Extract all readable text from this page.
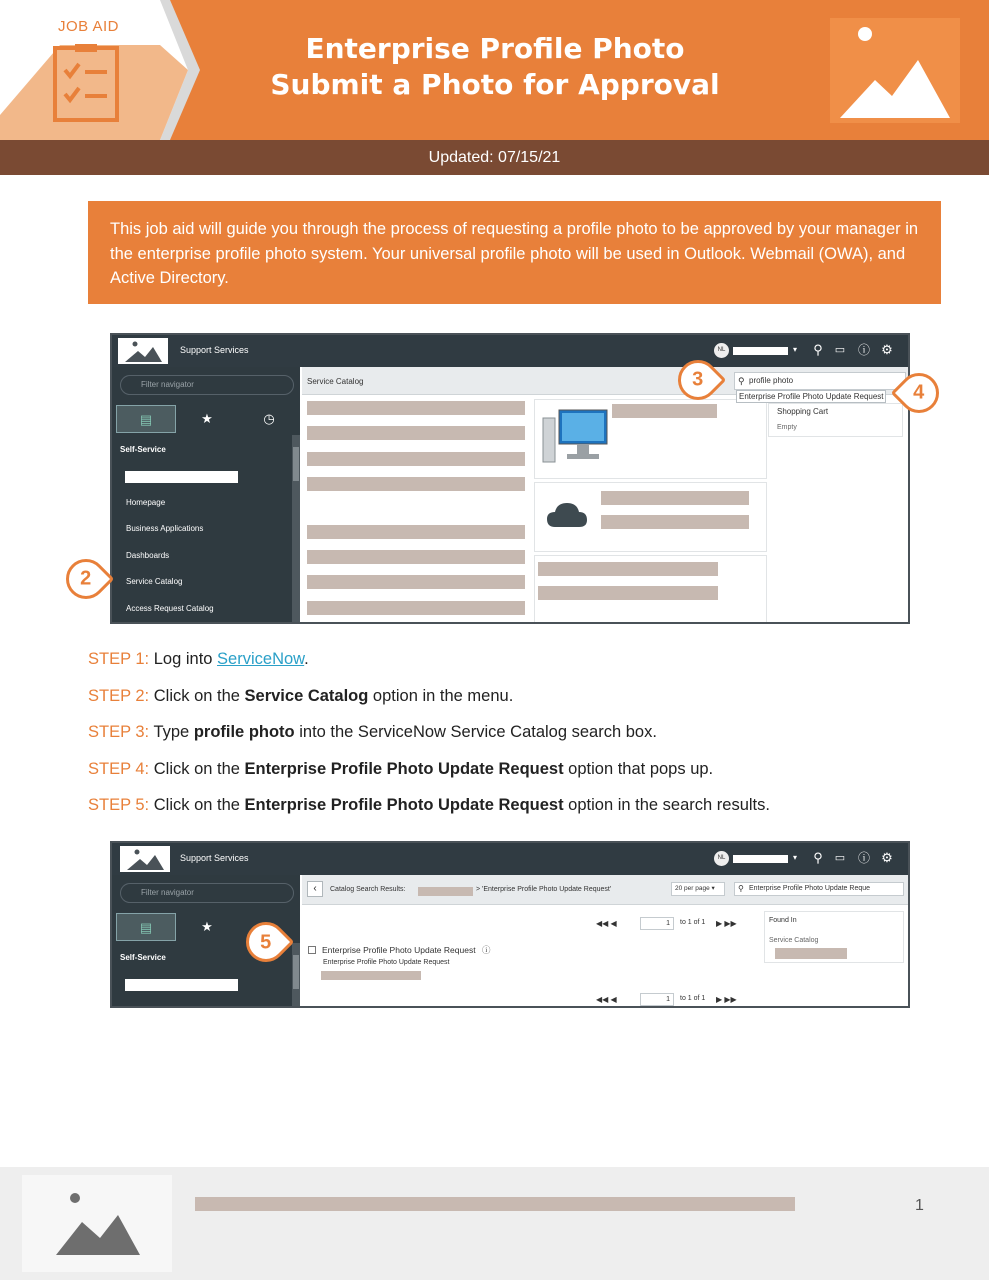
JOB AID
Enterprise Profile Photo
Submit a Photo for Approval
Updated: 07/15/21
This job aid will guide you through the process of requesting a profile photo to be approved by your manager in the enterprise profile photo system. Your universal profile photo will be used in Outlook. Webmail (OWA), and Active Directory.
Support Services	NL	▾	⚲ ▭ ⓘ ⚙
Filter navigator
▤	★	◷
Self-Service
Homepage
Business Applications
Dashboards
Service Catalog
Access Request Catalog
Service Catalog	⚲ profile photo
Enterprise Profile Photo Update Request
Shopping Cart
Empty
2
3
4
STEP 1: Log into ServiceNow.
STEP 2: Click on the Service Catalog option in the menu.
STEP 3: Type profile photo into the ServiceNow Service Catalog search box.
STEP 4: Click on the Enterprise Profile Photo Update Request option that pops up.
STEP 5: Click on the Enterprise Profile Photo Update Request option in the search results.
Support Services	NL	▾	⚲ ▭ ⓘ ⚙
Filter navigator
▤	★
Self-Service
‹	Catalog Search Results:	> 'Enterprise Profile Photo Update Request'	20 per page ▾	⚲ Enterprise Profile Photo Update Reque
◀◀ ◀	1	to 1 of 1 ▶ ▶▶
Enterprise Profile Photo Update Request ⓘ
Enterprise Profile Photo Update Request
◀◀ ◀	1	to 1 of 1 ▶ ▶▶
Found In
Service Catalog
5
1
